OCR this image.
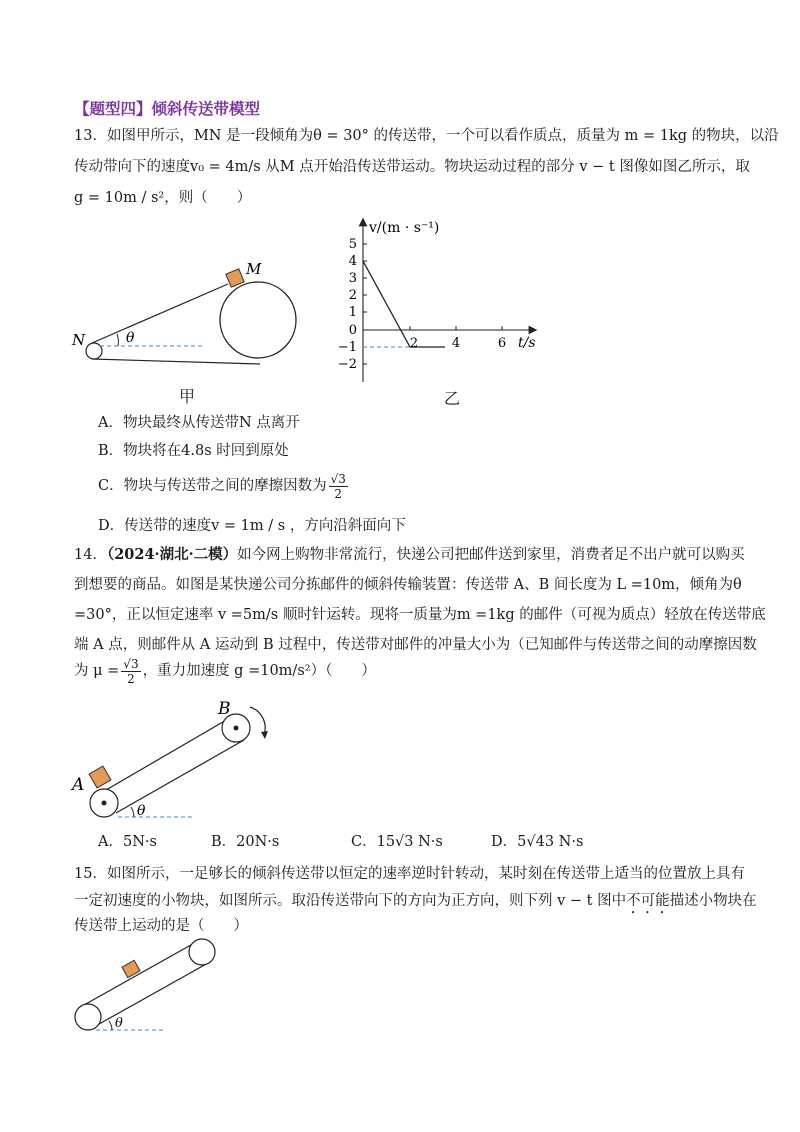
【题型四】倾斜传送带模型
13．如图甲所示，MN 是一段倾角为θ = 30° 的传送带，一个可以看作质点，质量为 m = 1kg 的物块，以沿
传动带向下的速度v₀ = 4m/s 从M 点开始沿传送带运动。物块运动过程的部分 v − t 图像如图乙所示，取
g = 10m / s²，则（　　）
M
N	θ
甲
v/(m · s⁻¹)
t/s
5
4
3
2
1
0
−1
−2
2	4	6
乙
A．物块最终从传送带N 点离开
B．物块将在4.8s 时回到原处
C．物块与传送带之间的摩擦因数为 $\frac{√3}{2}$
D．传送带的速度v = 1m / s ，方向沿斜面向下
14．（2024·湖北·二模）如今网上购物非常流行，快递公司把邮件送到家里，消费者足不出户就可以购买
到想要的商品。如图是某快递公司分拣邮件的倾斜传输装置：传送带 A、B 间长度为 L =10m，倾角为θ
=30°，正以恒定速率 v =5m/s 顺时针运转。现将一质量为m =1kg 的邮件（可视为质点）轻放在传送带底
端 A 点，则邮件从 A 运动到 B 过程中，传送带对邮件的冲量大小为（已知邮件与传送带之间的动摩擦因数
为 $\mu = \frac{√3}{2}$ ，重力加速度 g =10m/s²）（　　）
A
B
θ
A．5N·s	B．20N·s	C．15√3 N·s	D．5√43 N·s
15．如图所示，一足够长的倾斜传送带以恒定的速率逆时针转动，某时刻在传送带上适当的位置放上具有
一定初速度的小物块，如图所示。取沿传送带向下的方向为正方向，则下列 v − t 图中不可能描述小物块在
传送带上运动的是（　　）
θ
